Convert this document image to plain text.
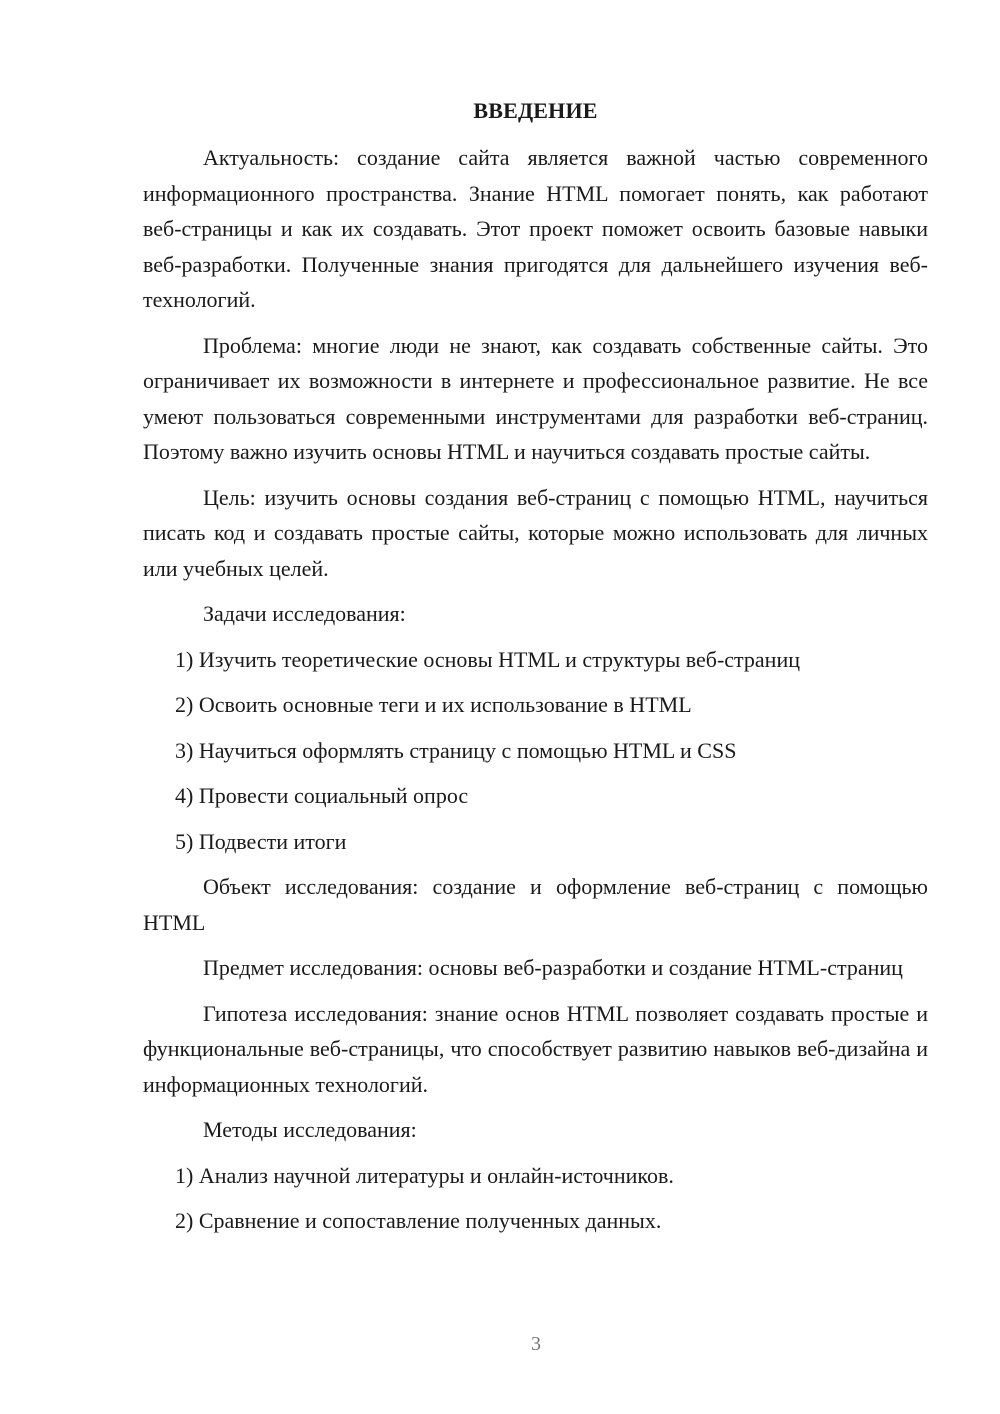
ВВЕДЕНИЕ

Актуальность: создание сайта является важной частью современного информационного пространства. Знание HTML помогает понять, как работают веб-страницы и как их создавать. Этот проект поможет освоить базовые навыки веб-разработки. Полученные знания пригодятся для дальнейшего изучения веб-технологий.

Проблема: многие люди не знают, как создавать собственные сайты. Это ограничивает их возможности в интернете и профессиональное развитие. Не все умеют пользоваться современными инструментами для разработки веб-страниц. Поэтому важно изучить основы HTML и научиться создавать простые сайты.

Цель: изучить основы создания веб-страниц с помощью HTML, научиться писать код и создавать простые сайты, которые можно использовать для личных или учебных целей.

Задачи исследования:

1) Изучить теоретические основы HTML и структуры веб-страниц
2) Освоить основные теги и их использование в HTML
3) Научиться оформлять страницу с помощью HTML и CSS
4) Провести социальный опрос
5) Подвести итоги

Объект исследования: создание и оформление веб-страниц с помощью HTML

Предмет исследования: основы веб-разработки и создание HTML-страниц

Гипотеза исследования: знание основ HTML позволяет создавать простые и функциональные веб-страницы, что способствует развитию навыков веб-дизайна и информационных технологий.

Методы исследования:

1) Анализ научной литературы и онлайн-источников.
2) Сравнение и сопоставление полученных данных.
3
